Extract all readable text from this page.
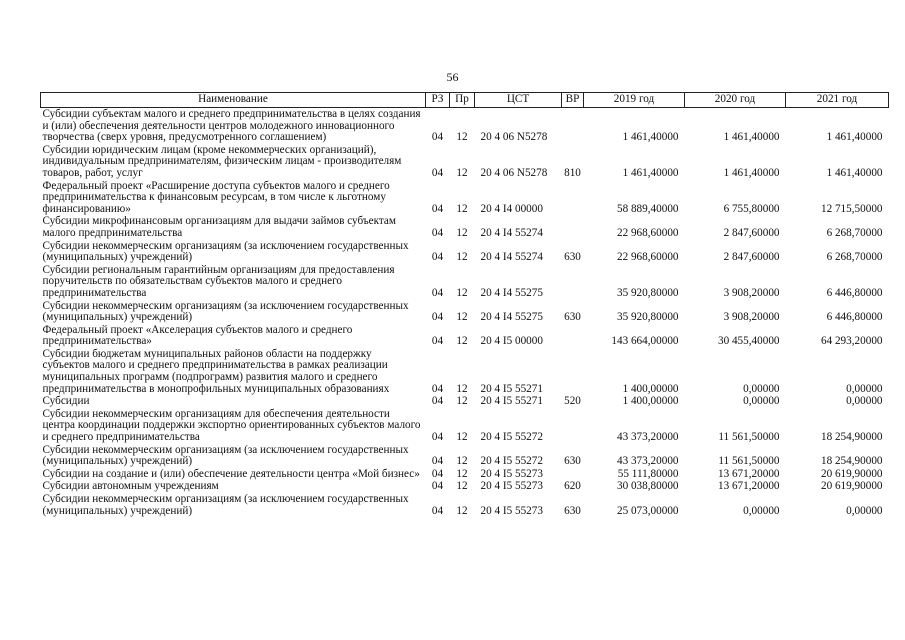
56
Наименование	РЗ	Пр	ЦСТ	ВР	2019 год	2020 год	2021 год
Субсидии субъектам малого и среднего предпринимательства в целях создания и (или) обеспечения деятельности центров молодежного инновационного творчества (сверх уровня, предусмотренного соглашением)	04	12	20 4 06 N5278		1 461,40000	1 461,40000	1 461,40000
Субсидии юридическим лицам (кроме некоммерческих организаций), индивидуальным предпринимателям, физическим лицам - производителям товаров, работ, услуг	04	12	20 4 06 N5278	810	1 461,40000	1 461,40000	1 461,40000
Федеральный проект «Расширение доступа субъектов малого и среднего предпринимательства к финансовым ресурсам, в том числе к льготному финансированию»	04	12	20 4 I4 00000		58 889,40000	6 755,80000	12 715,50000
Субсидии микрофинансовым организациям для выдачи займов субъектам малого предпринимательства	04	12	20 4 I4 55274		22 968,60000	2 847,60000	6 268,70000
Субсидии некоммерческим организациям (за исключением государственных (муниципальных) учреждений)	04	12	20 4 I4 55274	630	22 968,60000	2 847,60000	6 268,70000
Субсидии региональным гарантийным организациям для предоставления поручительств по обязательствам субъектов малого и среднего предпринимательства	04	12	20 4 I4 55275		35 920,80000	3 908,20000	6 446,80000
Субсидии некоммерческим организациям (за исключением государственных (муниципальных) учреждений)	04	12	20 4 I4 55275	630	35 920,80000	3 908,20000	6 446,80000
Федеральный проект «Акселерация субъектов малого и среднего предпринимательства»	04	12	20 4 I5 00000		143 664,00000	30 455,40000	64 293,20000
Субсидии бюджетам муниципальных районов области на поддержку субъектов малого и среднего предпринимательства в рамках реализации муниципальных программ (подпрограмм) развития малого и среднего предпринимательства в монопрофильных муниципальных образованиях	04	12	20 4 I5 55271		1 400,00000	0,00000	0,00000
Субсидии	04	12	20 4 I5 55271	520	1 400,00000	0,00000	0,00000
Субсидии некоммерческим организациям для обеспечения деятельности центра координации поддержки экспортно ориентированных субъектов малого и среднего предпринимательства	04	12	20 4 I5 55272		43 373,20000	11 561,50000	18 254,90000
Субсидии некоммерческим организациям (за исключением государственных (муниципальных) учреждений)	04	12	20 4 I5 55272	630	43 373,20000	11 561,50000	18 254,90000
Субсидии на создание и (или) обеспечение деятельности центра «Мой бизнес»	04	12	20 4 I5 55273		55 111,80000	13 671,20000	20 619,90000
Субсидии автономным учреждениям	04	12	20 4 I5 55273	620	30 038,80000	13 671,20000	20 619,90000
Субсидии некоммерческим организациям (за исключением государственных (муниципальных) учреждений)	04	12	20 4 I5 55273	630	25 073,00000	0,00000	0,00000
